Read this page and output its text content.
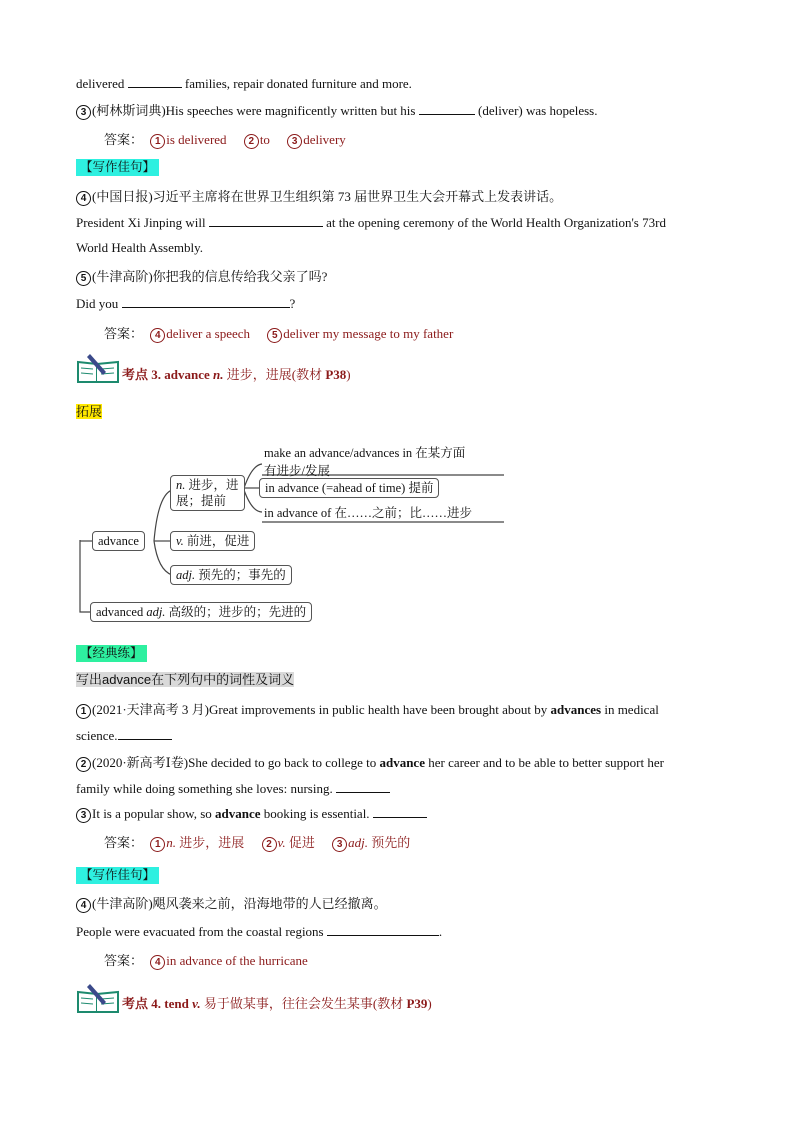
delivered	families, repair donated furniture and more.
3 (柯林斯词典)His speeches were magnificently written but his	(deliver) was hopeless.
答案： 1 is delivered 2 to 3 delivery
【写作佳句】
4 (中国日报)习近平主席将在世界卫生组织第 73 届世界卫生大会开幕式上发表讲话。
President Xi Jinping will	at the opening ceremony of the World Health Organization's 73rd
World Health Assembly.
5 (牛津高阶)你把我的信息传给我父亲了吗?
Did you	?
答案： 4 deliver a speech 5 deliver my message to my father
考点 3. advance n. 进步，进展(教材 P38)
拓展
advance
n. 进步，进
展；提前
make an advance/advances in 在某方面
有进步/发展
in advance (=ahead of time) 提前
in advance of 在……之前；比……进步
v. 前进，促进
adj. 预先的；事先的
advanced adj. 高级的；进步的；先进的
【经典练】
写出advance在下列句中的词性及词义
1 (2021·天津高考 3 月)Great improvements in public health have been brought about by advances in medical
science.
2 (2020·新高考Ⅰ卷)She decided to go back to college to advance her career and to be able to better support her
family while doing something she loves: nursing.
3 It is a popular show, so advance booking is essential.
答案： 1 n. 进步，进展 2 v. 促进 3 adj. 预先的
【写作佳句】
4 (牛津高阶)飓风袭来之前，沿海地带的人已经撤离。
People were evacuated from the coastal regions	.
答案： 4 in advance of the hurricane
考点 4. tend v. 易于做某事，往往会发生某事(教材 P39)
